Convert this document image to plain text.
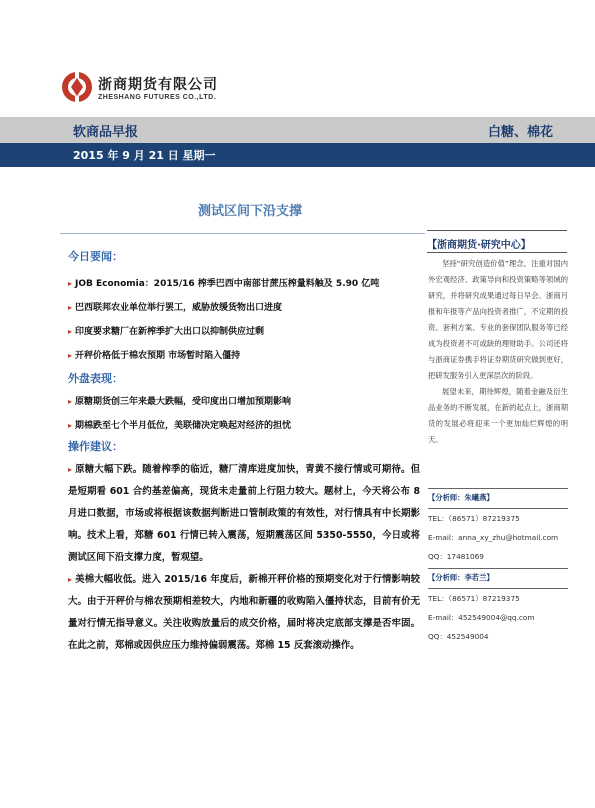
浙商期货有限公司
ZHESHANG FUTURES CO.,LTD.
软商品早报	白糖、棉花
2015 年 9 月 21 日 星期一
测试区间下沿支撑
今日要闻：
▸ JOB Economia：2015/16 榨季巴西中南部甘蔗压榨量料触及 5.90 亿吨
▸ 巴西联邦农业单位举行罢工，威胁放缓货物出口进度
▸ 印度要求糖厂在新榨季扩大出口以抑制供应过剩
▸ 开秤价格低于棉农预期 市场暂时陷入僵持
外盘表现：
▸ 原糖期货创三年来最大跌幅，受印度出口增加预期影响
▸ 期棉跌至七个半月低位，美联储决定唤起对经济的担忧
操作建议：

▸ 原糖大幅下跌。随着榨季的临近，糖厂清库进度加快，青黄不接行情或可期待。但是短期看 601 合约基差偏高，现货未走量前上行阻力较大。题材上，今天将公布 8 月进口数据，市场或将根据该数据判断进口管制政策的有效性，对行情具有中长期影响。技术上看，郑糖 601 行情已转入震荡，短期震荡区间 5350-5550，今日或将测试区间下沿支撑力度，暂观望。

▸ 美棉大幅收低。进入 2015/16 年度后，新棉开秤价格的预期变化对于行情影响较大。由于开秤价与棉农预期相差较大，内地和新疆的收购陷入僵持状态，目前有价无量对行情无指导意义。关注收购放量后的成交价格，届时将决定底部支撑是否牢固。在此之前，郑棉或因供应压力维持偏弱震荡。郑棉 15 反套滚动操作。

【浙商期货·研究中心】

坚持“研究创造价值”理念，注重对国内外宏观经济、政策导向和投资策略等领域的研究，并将研究成果通过每日早会、浙商月报和年报等产品向投资者推广，不定期的投资、套利方案、专业的套保团队服务等已经成为投资者不可或缺的理财助手。公司还将与浙商证券携手将证券期货研究做到更好，把研发服务引入更深层次的阶段。

展望未来，期待辉煌，随着金融及衍生品业务的不断发展，在新的起点上，浙商期货的发展必将迎来一个更加灿烂辉煌的明天。

【分析师：朱曦燕】
TEL：（86571）87219375
E-mail：anna_xy_zhu@hotmail.com
QQ：17481069
【分析师：李若兰】
TEL：（86571）87219375
E-mail：452549004@qq.com
QQ：452549004
